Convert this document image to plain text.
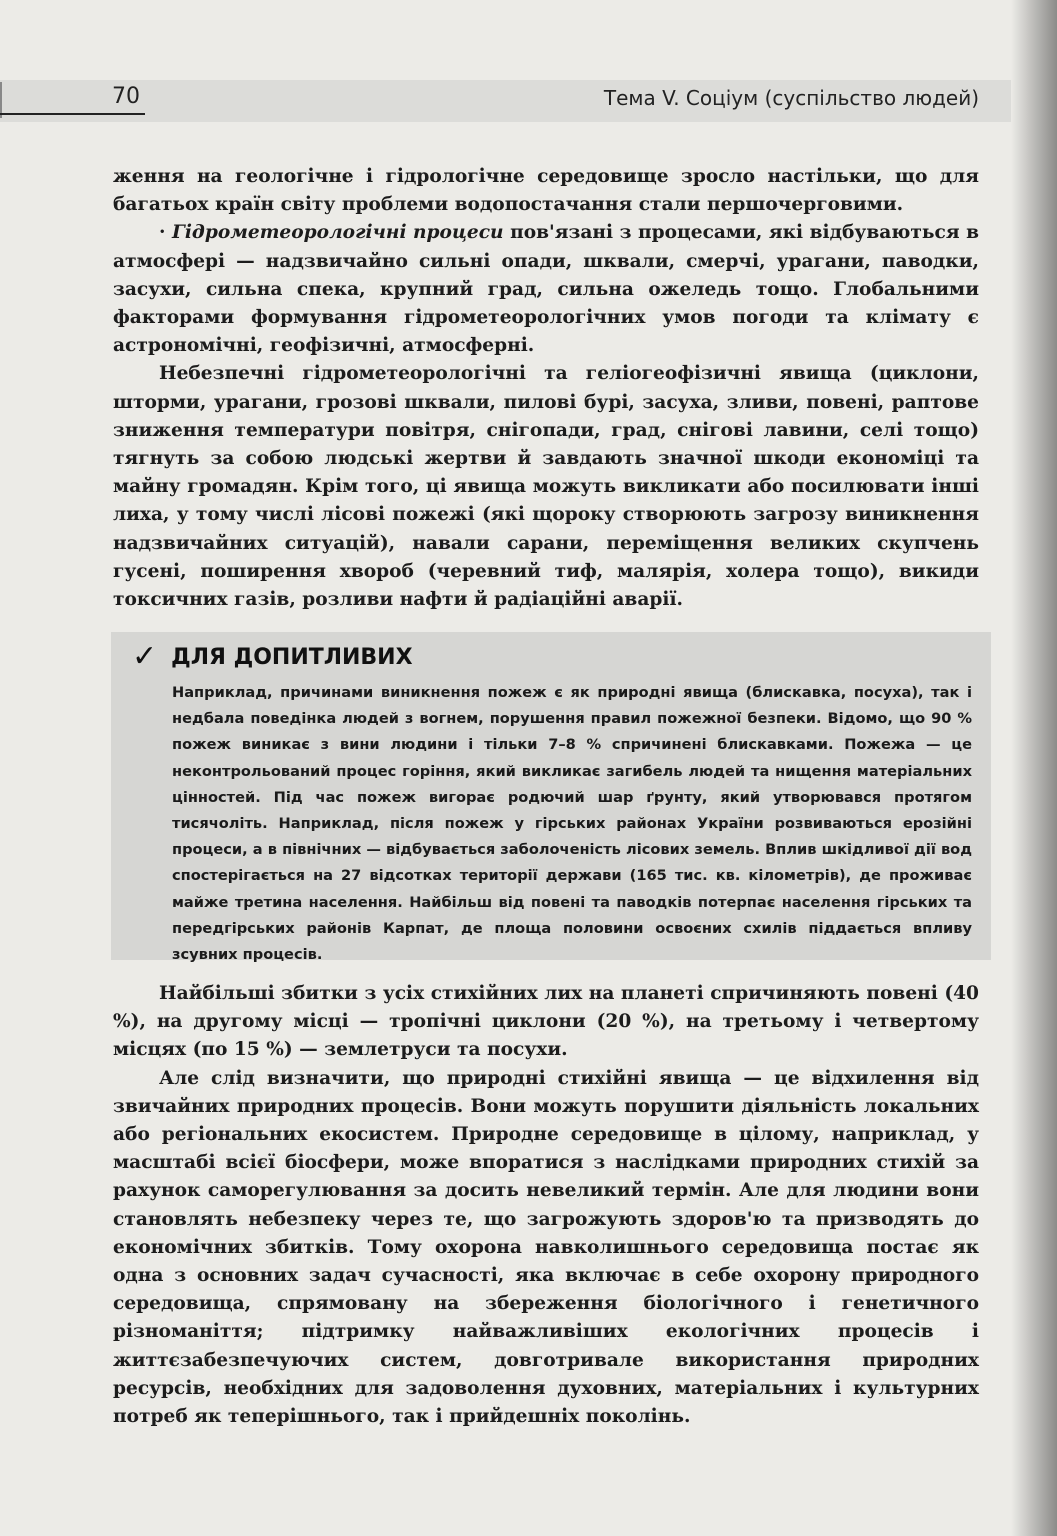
70	Тема V. Соціум (суспільство людей)

ження на геологічне і гідрологічне середовище зросло настільки, що для багатьох країн світу проблеми водопостачання стали першочерговими.

· Гідрометеорологічні процеси пов'язані з процесами, які відбуваються в атмосфері — надзвичайно сильні опади, шквали, смерчі, урагани, паводки, засухи, сильна спека, крупний град, сильна ожеледь тощо. Глобальними факторами формування гідрометеорологічних умов погоди та клімату є астрономічні, геофізичні, атмосферні.

Небезпечні гідрометеорологічні та геліогеофізичні явища (циклони, шторми, урагани, грозові шквали, пилові бурі, засуха, зливи, повені, раптове зниження температури повітря, снігопади, град, снігові лавини, селі тощо) тягнуть за собою людські жертви й завдають значної шкоди економіці та майну громадян. Крім того, ці явища можуть викликати або посилювати інші лиха, у тому числі лісові пожежі (які щороку створюють загрозу виникнення надзвичайних ситуацій), навали сарани, переміщення великих скупчень гусені, поширення хвороб (черевний тиф, малярія, холера тощо), викиди токсичних газів, розливи нафти й радіаційні аварії.

✓ ДЛЯ ДОПИТЛИВИХ
Наприклад, причинами виникнення пожеж є як природні явища (блискавка, посуха), так і недбала поведінка людей з вогнем, порушення правил пожежної безпеки. Відомо, що 90 % пожеж виникає з вини людини і тільки 7–8 % спричинені блискавками. Пожежа — це неконтрольований процес горіння, який викликає загибель людей та нищення матеріальних цінностей. Під час пожеж вигорає родючий шар ґрунту, який утворювався протягом тисячоліть. Наприклад, після пожеж у гірських районах України розвиваються ерозійні процеси, а в північних — відбувається заболоченість лісових земель. Вплив шкідливої дії вод спостерігається на 27 відсотках території держави (165 тис. кв. кілометрів), де проживає майже третина населення. Найбільш від повені та паводків потерпає населення гірських та передгірських районів Карпат, де площа половини освоєних схилів піддається впливу зсувних процесів.

Найбільші збитки з усіх стихійних лих на планеті спричиняють повені (40 %), на другому місці — тропічні циклони (20 %), на третьому і четвертому місцях (по 15 %) — землетруси та посухи.

Але слід визначити, що природні стихійні явища — це відхилення від звичайних природних процесів. Вони можуть порушити діяльність локальних або регіональних екосистем. Природне середовище в цілому, наприклад, у масштабі всієї біосфери, може впоратися з наслідками природних стихій за рахунок саморегулювання за досить невеликий термін. Але для людини вони становлять небезпеку через те, що загрожують здоров'ю та призводять до економічних збитків. Тому охорона навколишнього середовища постає як одна з основних задач сучасності, яка включає в себе охорону природного середовища, спрямовану на збереження біологічного і генетичного різноманіття; підтримку найважливіших екологічних процесів і життєзабезпечуючих систем, довготривале використання природних ресурсів, необхідних для задоволення духовних, матеріальних і культурних потреб як теперішнього, так і прийдешніх поколінь.
